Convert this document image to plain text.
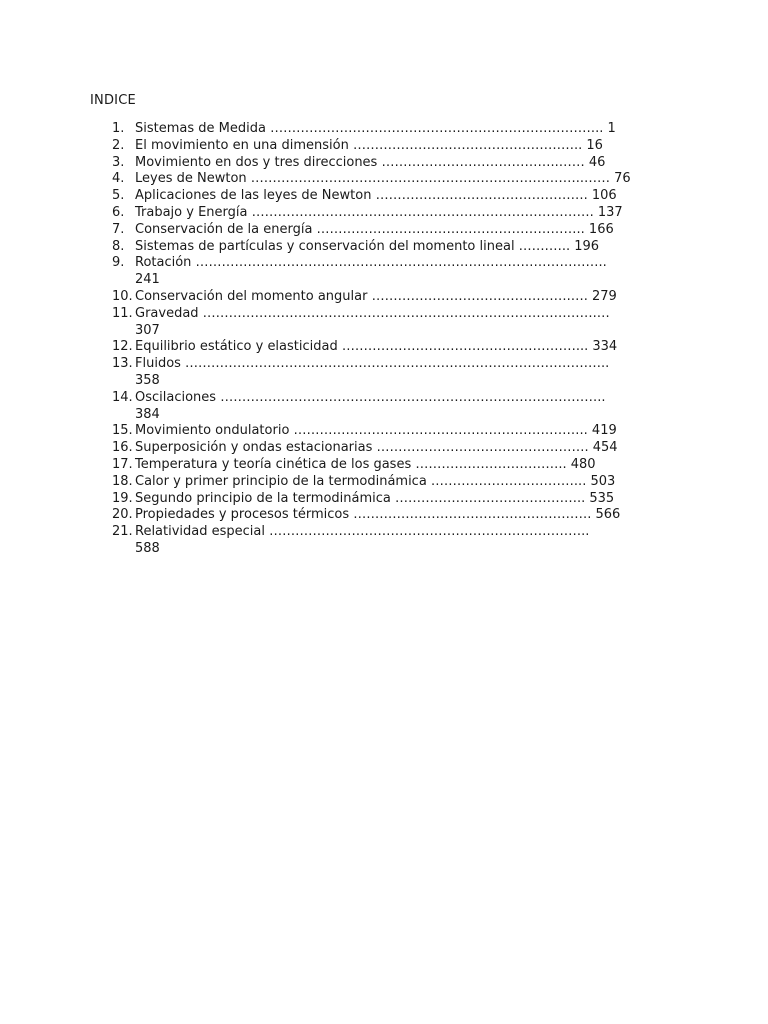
INDICE
1. Sistemas de Medida ………………………………………………………………….. 1
2. El movimiento en una dimensión …………………………………………….. 16
3. Movimiento en dos y tres direcciones …………………………………..…… 46
4. Leyes de Newton …………………………………………………………………..…… 76
5. Aplicaciones de las leyes de Newton …………………………………………. 106
6. Trabajo y Energía ……………………………………………………………………. 137
7. Conservación de la energía …………………………………………………….. 166
8. Sistemas de partículas y conservación del momento lineal …….….. 196
9. Rotación …………………………………………………………………………………..
241
10. Conservación del momento angular ……………………………………….…. 279
11. Gravedad ……………………………………………………………………………….…
307
12. Equilibrio estático y elasticidad ………………………………………………... 334
13. Fluidos ……………………………………………………………………………………..
358
14. Oscilaciones ……………………………………………………………………………..
384
15. Movimiento ondulatorio ………………………………………………………….. 419
16. Superposición y ondas estacionarias …………………………………………. 454
17. Temperatura y teoría cinética de los gases …………………………….. 480
18. Calor y primer principio de la termodinámica ……………………………... 503
19. Segundo principio de la termodinámica …………………………………….. 535
20. Propiedades y procesos térmicos ………………………………………………. 566
21. Relatividad especial ………………………………………………………………..
588
